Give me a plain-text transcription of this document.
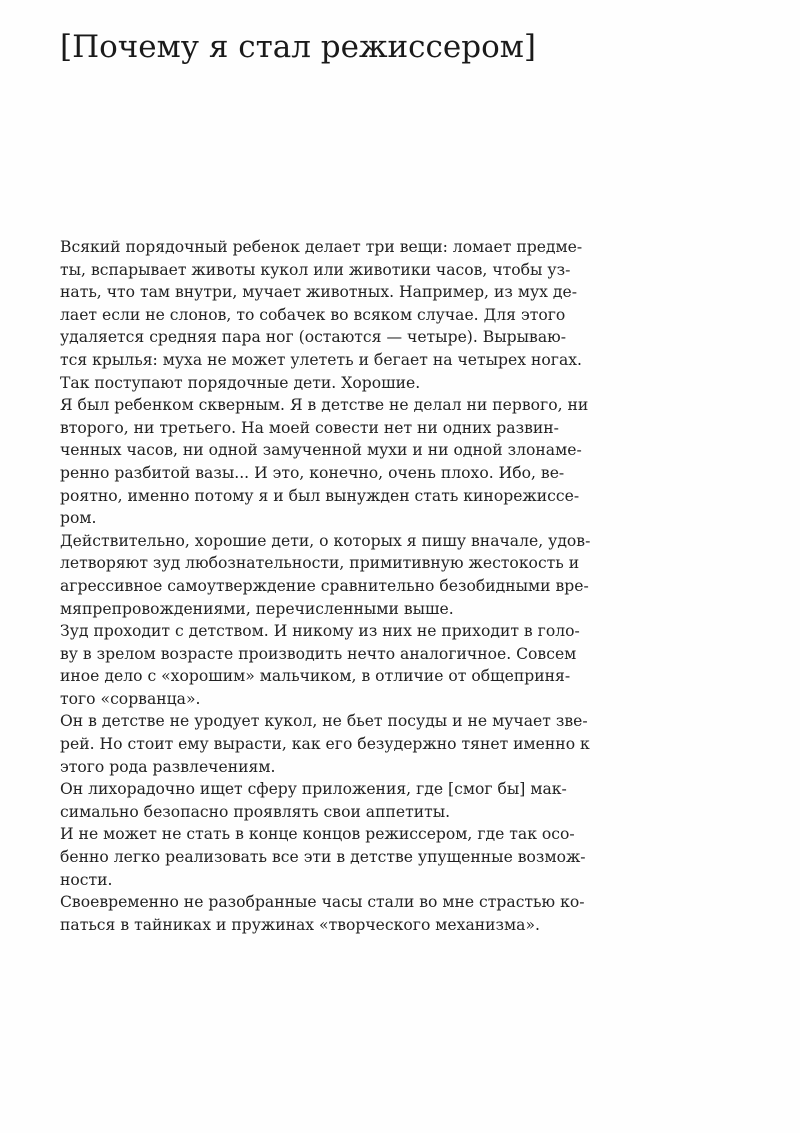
[Почему я стал режиссером]
Всякий порядочный ребенок делает три вещи: ломает предме-
ты, вспарывает животы кукол или животики часов, чтобы уз-
нать, что там внутри, мучает животных. Например, из мух де-
лает если не слонов, то собачек во всяком случае. Для этого
удаляется средняя пара ног (остаются — четыре). Вырываю-
тся крылья: муха не может улететь и бегает на четырех ногах.
Так поступают порядочные дети. Хорошие.
Я был ребенком скверным. Я в детстве не делал ни первого, ни
второго, ни третьего. На моей совести нет ни одних развин-
ченных часов, ни одной замученной мухи и ни одной злонаме-
ренно разбитой вазы... И это, конечно, очень плохо. Ибо, ве-
роятно, именно потому я и был вынужден стать кинорежиссе-
ром.
Действительно, хорошие дети, о которых я пишу вначале, удов-
летворяют зуд любознательности, примитивную жестокость и
агрессивное самоутверждение сравнительно безобидными вре-
мяпрепровождениями, перечисленными выше.
Зуд проходит с детством. И никому из них не приходит в голо-
ву в зрелом возрасте производить нечто аналогичное. Совсем
иное дело с «хорошим» мальчиком, в отличие от общеприня-
того «сорванца».
Он в детстве не уродует кукол, не бьет посуды и не мучает зве-
рей. Но стоит ему вырасти, как его безудержно тянет именно к
этого рода развлечениям.
Он лихорадочно ищет сферу приложения, где [смог бы] мак-
симально безопасно проявлять свои аппетиты.
И не может не стать в конце концов режиссером, где так осо-
бенно легко реализовать все эти в детстве упущенные возмож-
ности.
Своевременно не разобранные часы стали во мне страстью ко-
паться в тайниках и пружинах «творческого механизма».
